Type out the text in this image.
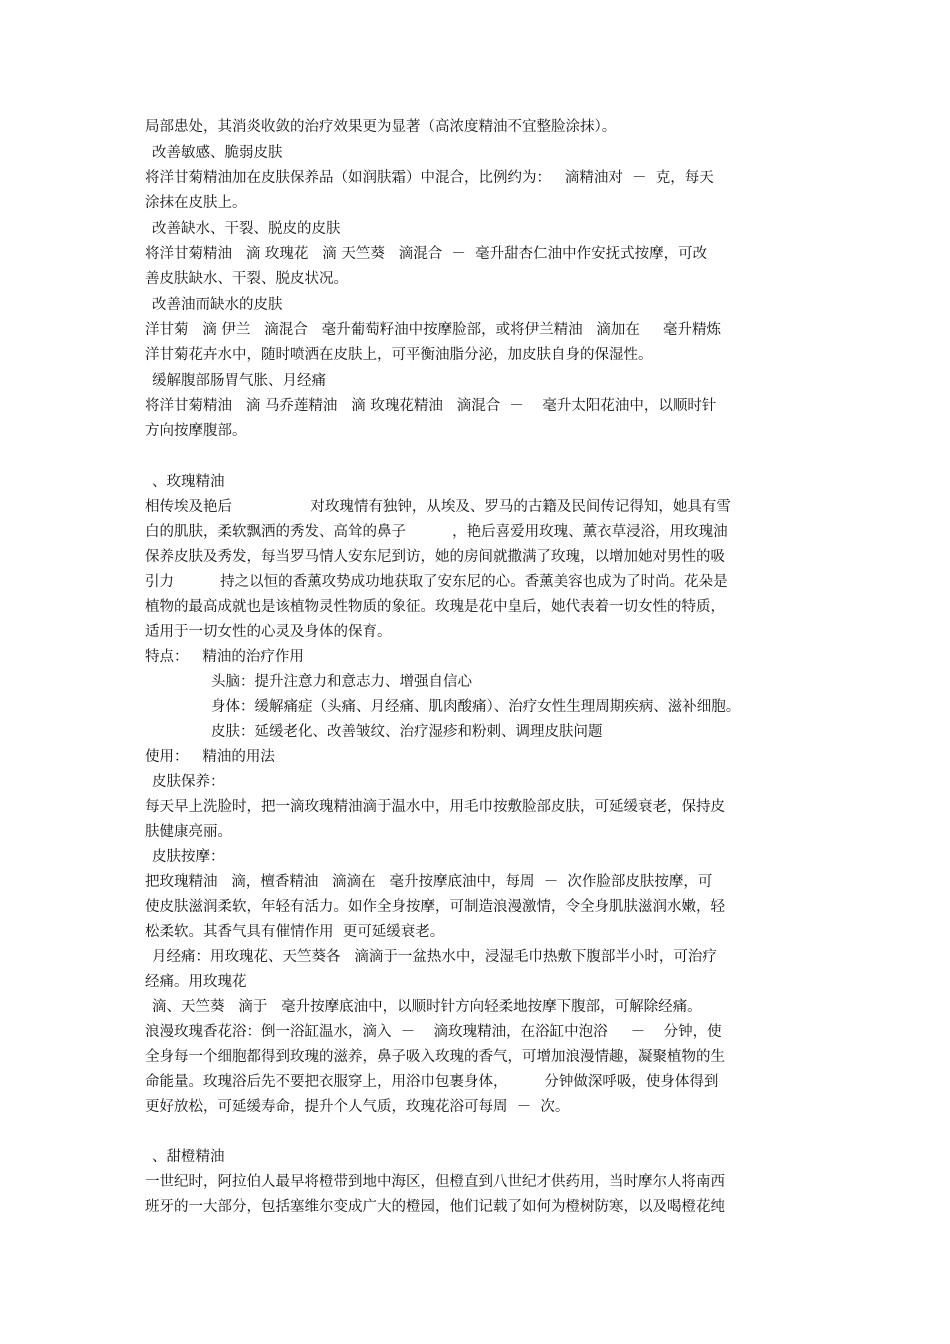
局部患处，其消炎收敛的治疗效果更为显著（高浓度精油不宜整脸涂抹）。
改善敏感、脆弱皮肤
将洋甘菊精油加在皮肤保养品（如润肤霜）中混合，比例约为：   滴精油对  －  克，每天
涂抹在皮肤上。
改善缺水、干裂、脱皮的皮肤
将洋甘菊精油   滴 玫瑰花   滴 天竺葵   滴混合  －  毫升甜杏仁油中作安抚式按摩，可改
善皮肤缺水、干裂、脱皮状况。
改善油而缺水的皮肤
洋甘菊   滴 伊兰   滴混合   毫升葡萄籽油中按摩脸部，或将伊兰精油   滴加在     毫升精炼
洋甘菊花卉水中，随时喷洒在皮肤上，可平衡油脂分泌，加皮肤自身的保湿性。
缓解腹部肠胃气胀、月经痛
将洋甘菊精油   滴 马乔莲精油   滴 玫瑰花精油   滴混合  －    毫升太阳花油中，以顺时针
方向按摩腹部。
、玫瑰精油
相传埃及艳后                 对玫瑰情有独钟，从埃及、罗马的古籍及民间传记得知，她具有雪
白的肌肤，柔软飘洒的秀发、高耸的鼻子          ，艳后喜爱用玫瑰、薰衣草浸浴，用玫瑰油
保养皮肤及秀发，每当罗马情人安东尼到访，她的房间就撒满了玫瑰，以增加她对男性的吸
引力          持之以恒的香薰攻势成功地获取了安东尼的心。香薰美容也成为了时尚。花朵是
植物的最高成就也是该植物灵性物质的象征。玫瑰是花中皇后，她代表着一切女性的特质，
适用于一切女性的心灵及身体的保育。
特点：   精油的治疗作用
头脑：提升注意力和意志力、增强自信心
身体：缓解痛症（头痛、月经痛、肌肉酸痛）、治疗女性生理周期疾病、滋补细胞。
皮肤：延缓老化、改善皱纹、治疗湿疹和粉刺、调理皮肤问题
使用：   精油的用法
皮肤保养：
每天早上洗脸时，把一滴玫瑰精油滴于温水中，用毛巾按敷脸部皮肤，可延缓衰老，保持皮
肤健康亮丽。
皮肤按摩：
把玫瑰精油   滴，檀香精油   滴滴在   毫升按摩底油中，每周  －  次作脸部皮肤按摩，可
使皮肤滋润柔软，年轻有活力。如作全身按摩，可制造浪漫激情，令全身肌肤滋润水嫩，轻
松柔软。其香气具有催情作用  更可延缓衰老。
月经痛：用玫瑰花、天竺葵各   滴滴于一盆热水中，浸湿毛巾热敷下腹部半小时，可治疗
经痛。用玫瑰花
滴、天竺葵   滴于   毫升按摩底油中，以顺时针方向轻柔地按摩下腹部，可解除经痛。
浪漫玫瑰香花浴：倒一浴缸温水，滴入  －    滴玫瑰精油，在浴缸中泡浴     －    分钟，使
全身每一个细胞都得到玫瑰的滋养，鼻子吸入玫瑰的香气，可增加浪漫情趣，凝聚植物的生
命能量。玫瑰浴后先不要把衣服穿上，用浴巾包裹身体，        分钟做深呼吸，使身体得到
更好放松，可延缓寿命，提升个人气质，玫瑰花浴可每周  －  次。
、甜橙精油
一世纪时，阿拉伯人最早将橙带到地中海区，但橙直到八世纪才供药用，当时摩尔人将南西
班牙的一大部分，包括塞维尔变成广大的橙园，他们记载了如何为橙树防寒，以及喝橙花纯
